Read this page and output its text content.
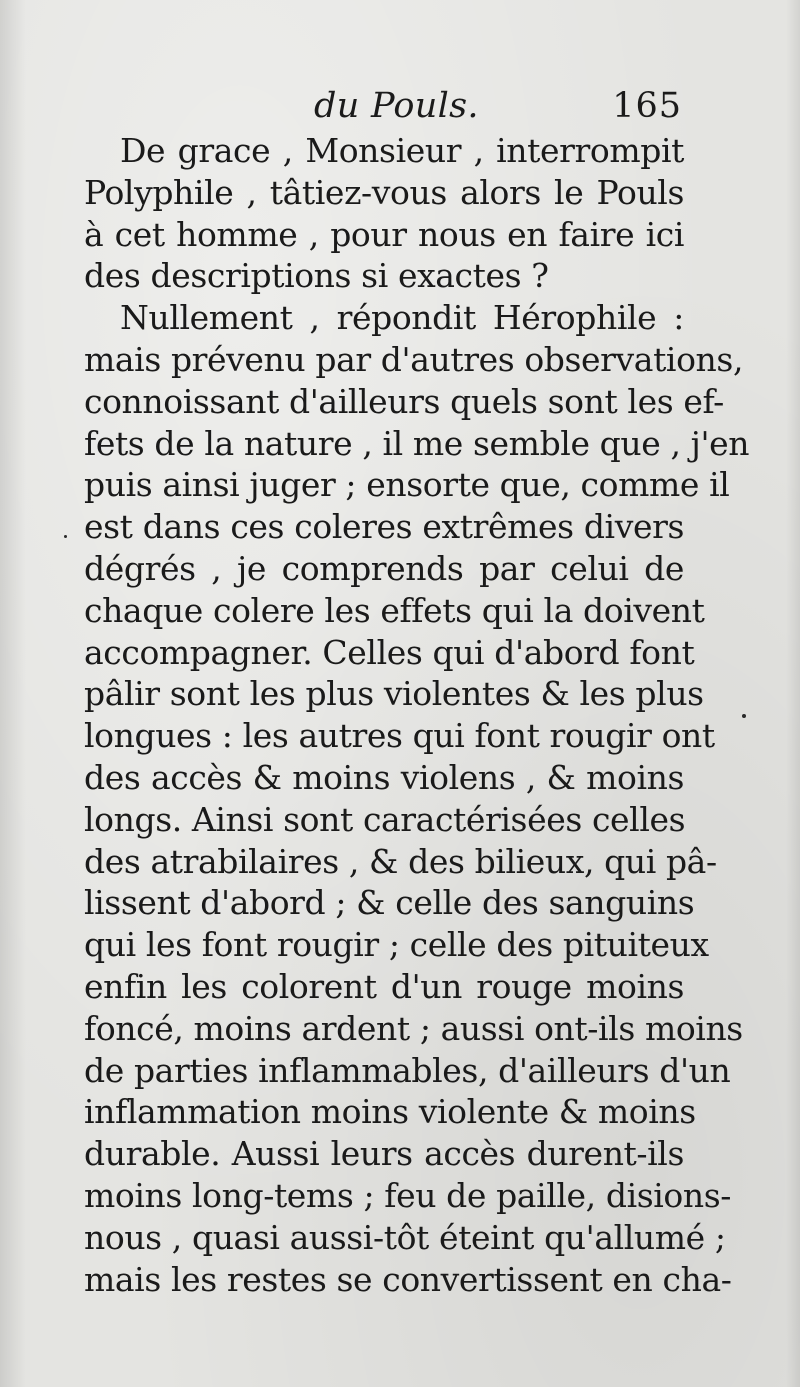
du Pouls.	165
De grace , Monsieur , interrompit
Polyphile , tâtiez-vous alors le Pouls
à cet homme , pour nous en faire ici
des descriptions si exactes ?
Nullement , répondit Hérophile :
mais prévenu par d'autres observations,
connoissant d'ailleurs quels sont les ef-
fets de la nature , il me semble que , j'en
puis ainsi juger ; ensorte que, comme il
est dans ces coleres extrêmes divers
dégrés , je comprends par celui de
chaque colere les effets qui la doivent
accompagner. Celles qui d'abord font
pâlir sont les plus violentes & les plus
longues : les autres qui font rougir ont
des accès & moins violens , & moins
longs. Ainsi sont caractérisées celles
des atrabilaires , & des bilieux, qui pâ-
lissent d'abord ; & celle des sanguins
qui les font rougir ; celle des pituiteux
enfin les colorent d'un rouge moins
foncé, moins ardent ; aussi ont-ils moins
de parties inflammables, d'ailleurs d'un
inflammation moins violente & moins
durable. Aussi leurs accès durent-ils
moins long-tems ; feu de paille, disions-
nous , quasi aussi-tôt éteint qu'allumé ;
mais les restes se convertissent en cha-
